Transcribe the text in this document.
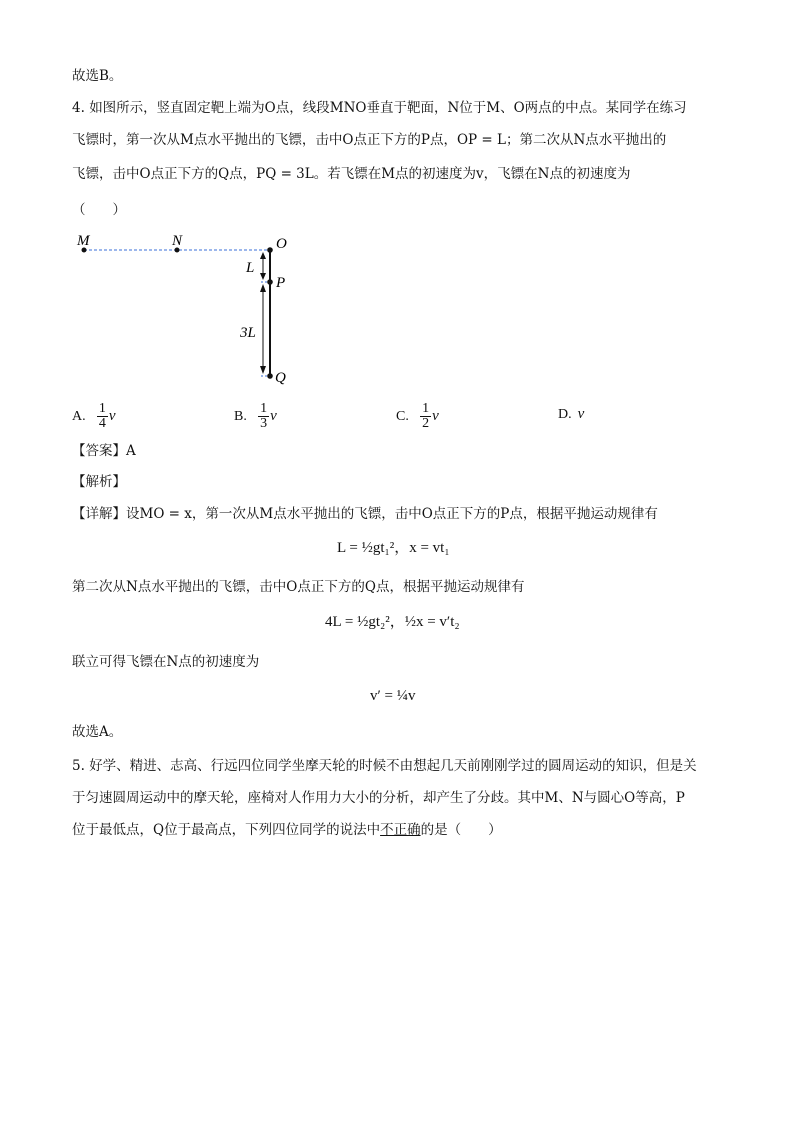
故选B。
4. 如图所示，竖直固定靶上端为O点，线段MNO垂直于靶面，N位于M、O两点的中点。某同学在练习
飞镖时，第一次从M点水平抛出的飞镖，击中O点正下方的P点，OP = L；第二次从N点水平抛出的
飞镖，击中O点正下方的Q点，PQ = 3L。若飞镖在M点的初速度为v，飞镖在N点的初速度为
（　　）
M	N	O
P
Q
L
3L
A. $\frac{1}{4}$ v	B. $\frac{1}{3}$ v	C. $\frac{1}{2}$ v	D. v
【答案】A
【解析】
【详解】设MO = x，第一次从M点水平抛出的飞镖，击中O点正下方的P点，根据平抛运动规律有
L = ½gt₁²，x = vt₁
第二次从N点水平抛出的飞镖，击中O点正下方的Q点，根据平抛运动规律有
4L = ½gt₂²，½x = v′t₂
联立可得飞镖在N点的初速度为
v′ = ¼v
故选A。
5. 好学、精进、志高、行远四位同学坐摩天轮的时候不由想起几天前刚刚学过的圆周运动的知识，但是关
于匀速圆周运动中的摩天轮，座椅对人作用力大小的分析，却产生了分歧。其中M、N与圆心O等高，P
位于最低点，Q位于最高点，下列四位同学的说法中不正确的是（　　）
